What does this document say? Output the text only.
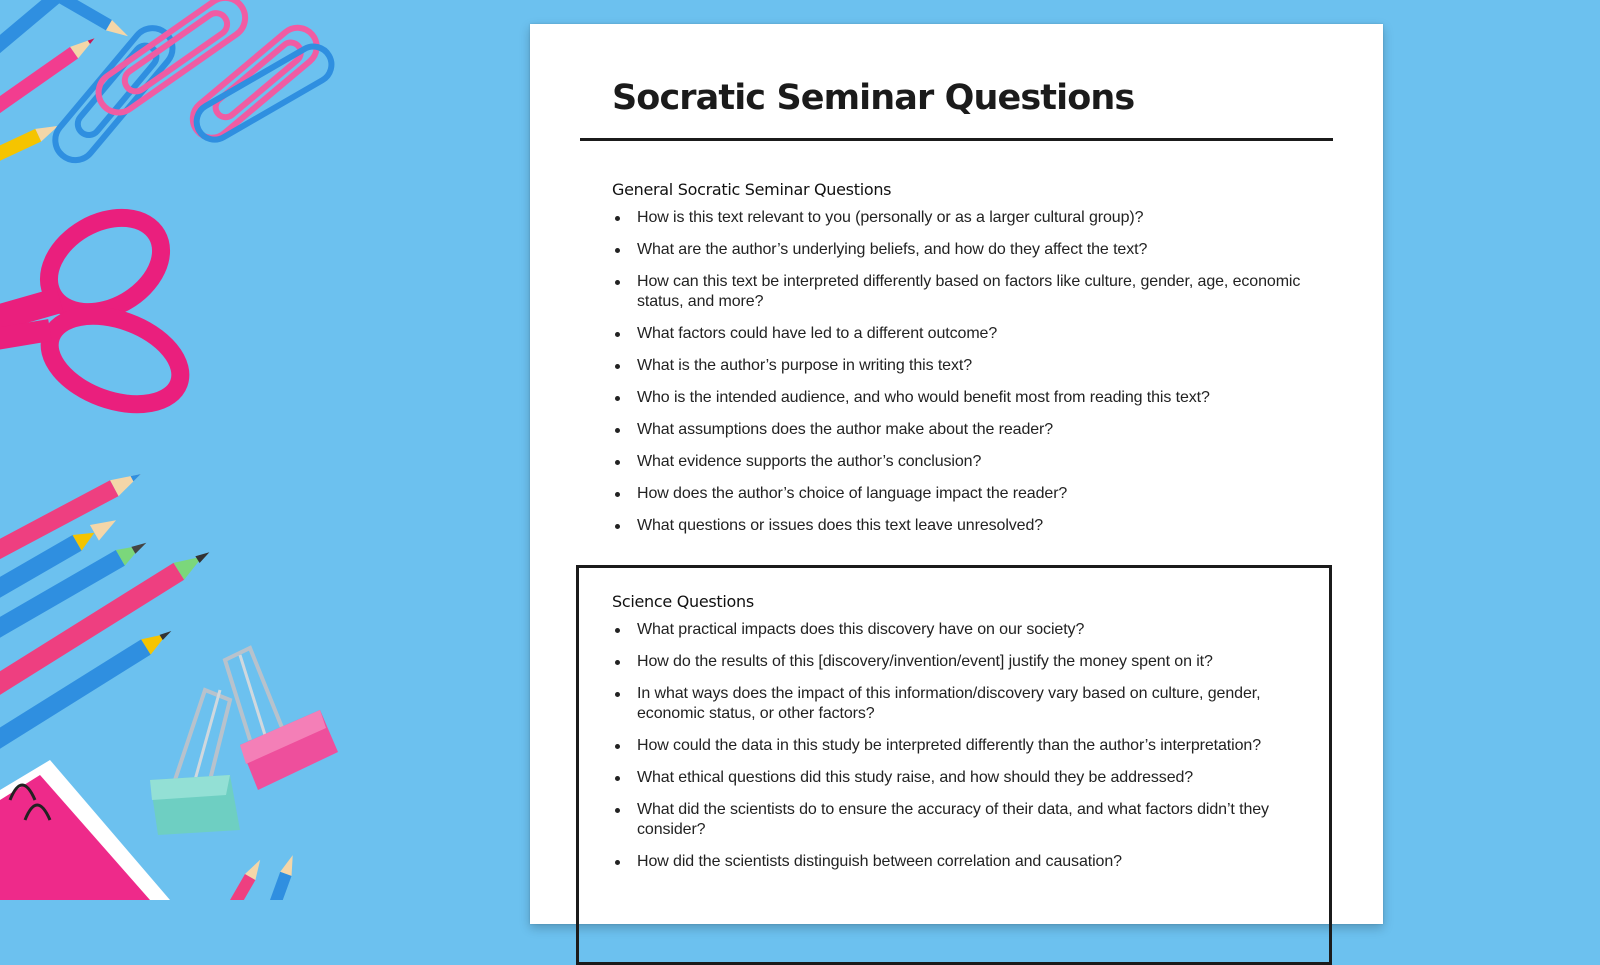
Socratic Seminar Questions
General Socratic Seminar Questions
How is this text relevant to you (personally or as a larger cultural group)?
What are the author’s underlying beliefs, and how do they affect the text?
How can this text be interpreted differently based on factors like culture, gender, age, economic status, and more?
What factors could have led to a different outcome?
What is the author’s purpose in writing this text?
Who is the intended audience, and who would benefit most from reading this text?
What assumptions does the author make about the reader?
What evidence supports the author’s conclusion?
How does the author’s choice of language impact the reader?
What questions or issues does this text leave unresolved?
Science Questions
What practical impacts does this discovery have on our society?
How do the results of this [discovery/invention/event] justify the money spent on it?
In what ways does the impact of this information/discovery vary based on culture, gender, economic status, or other factors?
How could the data in this study be interpreted differently than the author’s interpretation?
What ethical questions did this study raise, and how should they be addressed?
What did the scientists do to ensure the accuracy of their data, and what factors didn’t they consider?
How did the scientists distinguish between correlation and causation?
